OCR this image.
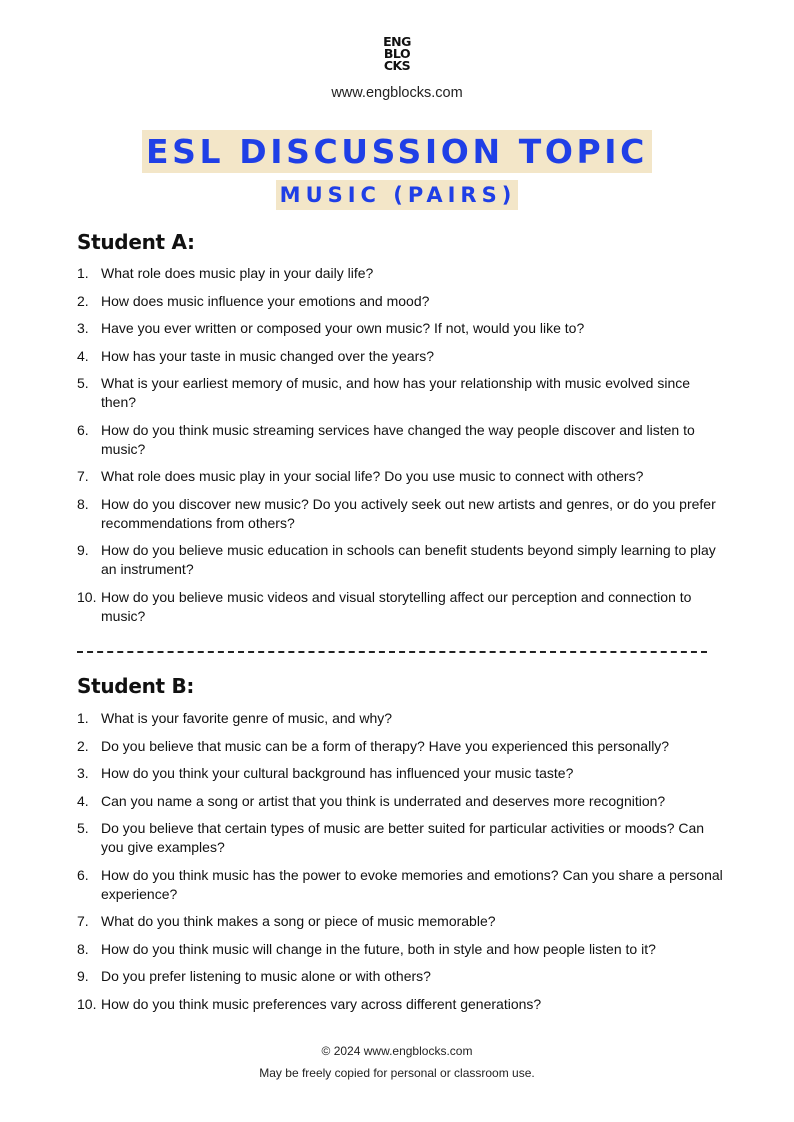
ENG
BLO
CKS
www.engblocks.com
ESL DISCUSSION TOPIC
MUSIC (PAIRS)
Student A:
1. What role does music play in your daily life?
2. How does music influence your emotions and mood?
3. Have you ever written or composed your own music? If not, would you like to?
4. How has your taste in music changed over the years?
5. What is your earliest memory of music, and how has your relationship with music evolved since then?
6. How do you think music streaming services have changed the way people discover and listen to music?
7. What role does music play in your social life? Do you use music to connect with others?
8. How do you discover new music? Do you actively seek out new artists and genres, or do you prefer recommendations from others?
9. How do you believe music education in schools can benefit students beyond simply learning to play an instrument?
10. How do you believe music videos and visual storytelling affect our perception and connection to music?
Student B:
1. What is your favorite genre of music, and why?
2. Do you believe that music can be a form of therapy? Have you experienced this personally?
3. How do you think your cultural background has influenced your music taste?
4. Can you name a song or artist that you think is underrated and deserves more recognition?
5. Do you believe that certain types of music are better suited for particular activities or moods? Can you give examples?
6. How do you think music has the power to evoke memories and emotions? Can you share a personal experience?
7. What do you think makes a song or piece of music memorable?
8. How do you think music will change in the future, both in style and how people listen to it?
9. Do you prefer listening to music alone or with others?
10. How do you think music preferences vary across different generations?
© 2024 www.engblocks.com
May be freely copied for personal or classroom use.
